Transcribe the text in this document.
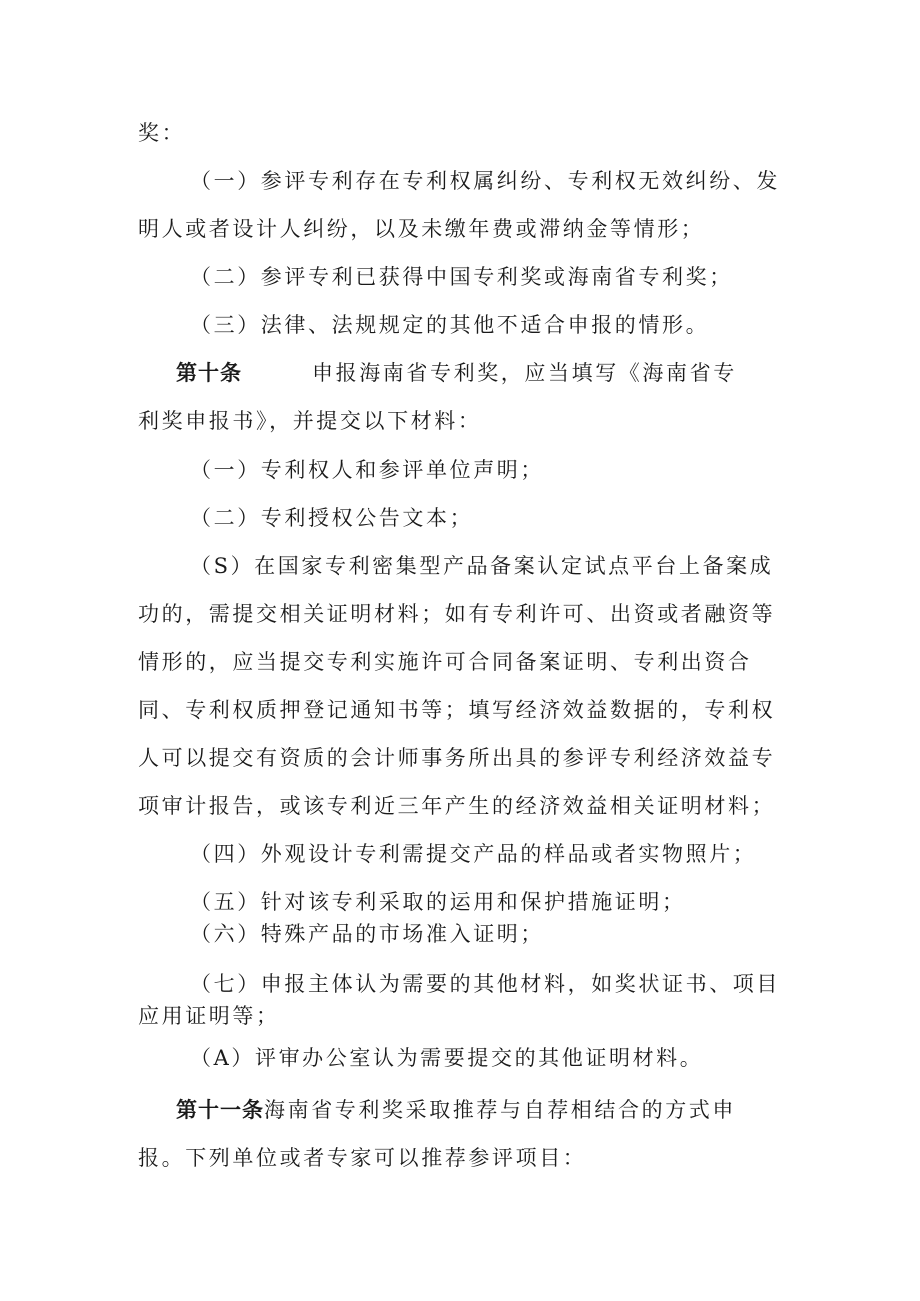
奖：
（一）参评专利存在专利权属纠纷、专利权无效纠纷、发
明人或者设计人纠纷，以及未缴年费或滞纳金等情形；
（二）参评专利已获得中国专利奖或海南省专利奖；
（三）法律、法规规定的其他不适合申报的情形。
第十条	申报海南省专利奖，应当填写《海南省专
利奖申报书》，并提交以下材料：
（一）专利权人和参评单位声明；
（二）专利授权公告文本；
（S）在国家专利密集型产品备案认定试点平台上备案成
功的，需提交相关证明材料；如有专利许可、出资或者融资等
情形的，应当提交专利实施许可合同备案证明、专利出资合
同、专利权质押登记通知书等；填写经济效益数据的，专利权
人可以提交有资质的会计师事务所出具的参评专利经济效益专
项审计报告，或该专利近三年产生的经济效益相关证明材料；
（四）外观设计专利需提交产品的样品或者实物照片；
（五）针对该专利采取的运用和保护措施证明；
（六）特殊产品的市场准入证明；
（七）申报主体认为需要的其他材料，如奖状证书、项目
应用证明等；
（A）评审办公室认为需要提交的其他证明材料。
第十一条海南省专利奖采取推荐与自荐相结合的方式申
报。下列单位或者专家可以推荐参评项目：
